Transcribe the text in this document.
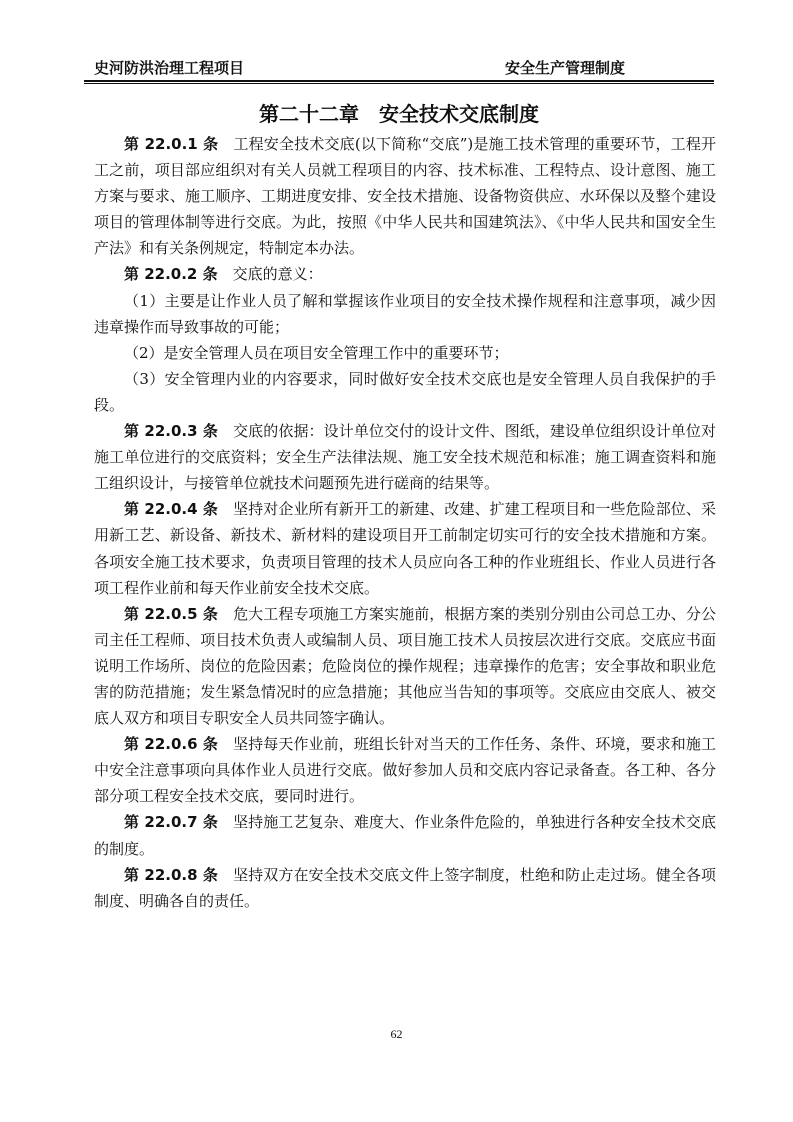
史河防洪治理工程项目	安全生产管理制度
第二十二章　安全技术交底制度

第 22.0.1 条　工程安全技术交底(以下简称“交底”)是施工技术管理的重要环节，工程开工之前，项目部应组织对有关人员就工程项目的内容、技术标准、工程特点、设计意图、施工方案与要求、施工顺序、工期进度安排、安全技术措施、设备物资供应、水环保以及整个建设项目的管理体制等进行交底。为此，按照《中华人民共和国建筑法》、《中华人民共和国安全生产法》和有关条例规定，特制定本办法。

第 22.0.2 条　交底的意义：

（1）主要是让作业人员了解和掌握该作业项目的安全技术操作规程和注意事项，减少因违章操作而导致事故的可能；

（2）是安全管理人员在项目安全管理工作中的重要环节；

（3）安全管理内业的内容要求，同时做好安全技术交底也是安全管理人员自我保护的手段。

第 22.0.3 条　交底的依据：设计单位交付的设计文件、图纸，建设单位组织设计单位对施工单位进行的交底资料；安全生产法律法规、施工安全技术规范和标准；施工调查资料和施工组织设计，与接管单位就技术问题预先进行磋商的结果等。

第 22.0.4 条　坚持对企业所有新开工的新建、改建、扩建工程项目和一些危险部位、采用新工艺、新设备、新技术、新材料的建设项目开工前制定切实可行的安全技术措施和方案。各项安全施工技术要求，负责项目管理的技术人员应向各工种的作业班组长、作业人员进行各项工程作业前和每天作业前安全技术交底。

第 22.0.5 条　危大工程专项施工方案实施前，根据方案的类别分别由公司总工办、分公司主任工程师、项目技术负责人或编制人员、项目施工技术人员按层次进行交底。交底应书面说明工作场所、岗位的危险因素；危险岗位的操作规程；违章操作的危害；安全事故和职业危害的防范措施；发生紧急情况时的应急措施；其他应当告知的事项等。交底应由交底人、被交底人双方和项目专职安全人员共同签字确认。

第 22.0.6 条　坚持每天作业前，班组长针对当天的工作任务、条件、环境，要求和施工中安全注意事项向具体作业人员进行交底。做好参加人员和交底内容记录备查。各工种、各分部分项工程安全技术交底，要同时进行。

第 22.0.7 条　坚持施工艺复杂、难度大、作业条件危险的，单独进行各种安全技术交底的制度。

第 22.0.8 条　坚持双方在安全技术交底文件上签字制度，杜绝和防止走过场。健全各项制度、明确各自的责任。

62
